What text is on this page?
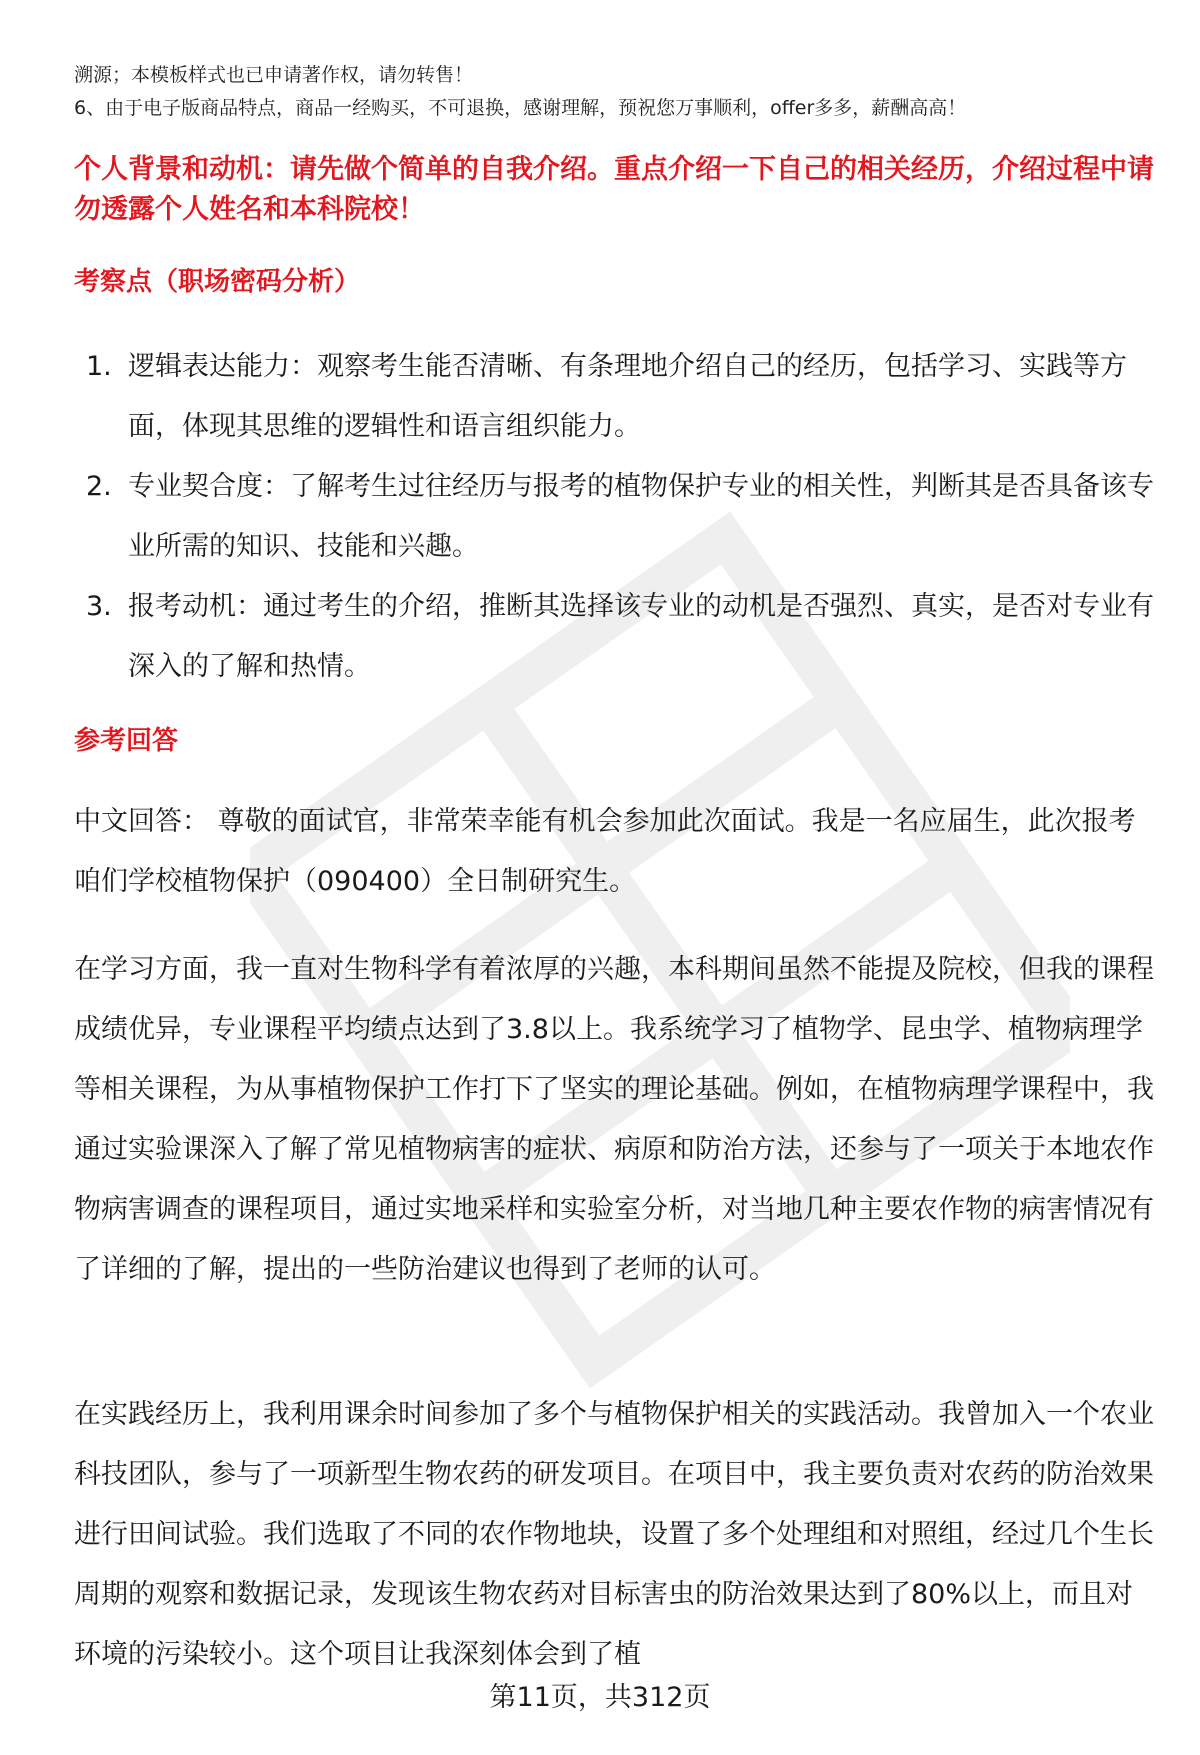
溯源；本模板样式也已申请著作权，请勿转售！
6、由于电子版商品特点，商品一经购买，不可退换，感谢理解，预祝您万事顺利，offer多多，薪酬高高！
个人背景和动机：请先做个简单的自我介绍。重点介绍一下自己的相关经历，介绍过程中请勿透露个人姓名和本科院校！
考察点（职场密码分析）
1. 逻辑表达能力：观察考生能否清晰、有条理地介绍自己的经历，包括学习、实践等方面，体现其思维的逻辑性和语言组织能力。
2. 专业契合度：了解考生过往经历与报考的植物保护专业的相关性，判断其是否具备该专业所需的知识、技能和兴趣。
3. 报考动机：通过考生的介绍，推断其选择该专业的动机是否强烈、真实，是否对专业有深入的了解和热情。
参考回答

中文回答： 尊敬的面试官，非常荣幸能有机会参加此次面试。我是一名应届生，此次报考咱们学校植物保护（090400）全日制研究生。

在学习方面，我一直对生物科学有着浓厚的兴趣，本科期间虽然不能提及院校，但我的课程成绩优异，专业课程平均绩点达到了3.8以上。我系统学习了植物学、昆虫学、植物病理学等相关课程，为从事植物保护工作打下了坚实的理论基础。例如，在植物病理学课程中，我通过实验课深入了解了常见植物病害的症状、病原和防治方法，还参与了一项关于本地农作物病害调查的课程项目，通过实地采样和实验室分析，对当地几种主要农作物的病害情况有了详细的了解，提出的一些防治建议也得到了老师的认可。

在实践经历上，我利用课余时间参加了多个与植物保护相关的实践活动。我曾加入一个农业科技团队，参与了一项新型生物农药的研发项目。在项目中，我主要负责对农药的防治效果进行田间试验。我们选取了不同的农作物地块，设置了多个处理组和对照组，经过几个生长周期的观察和数据记录，发现该生物农药对目标害虫的防治效果达到了80%以上，而且对环境的污染较小。这个项目让我深刻体会到了植

第11页，共312页
